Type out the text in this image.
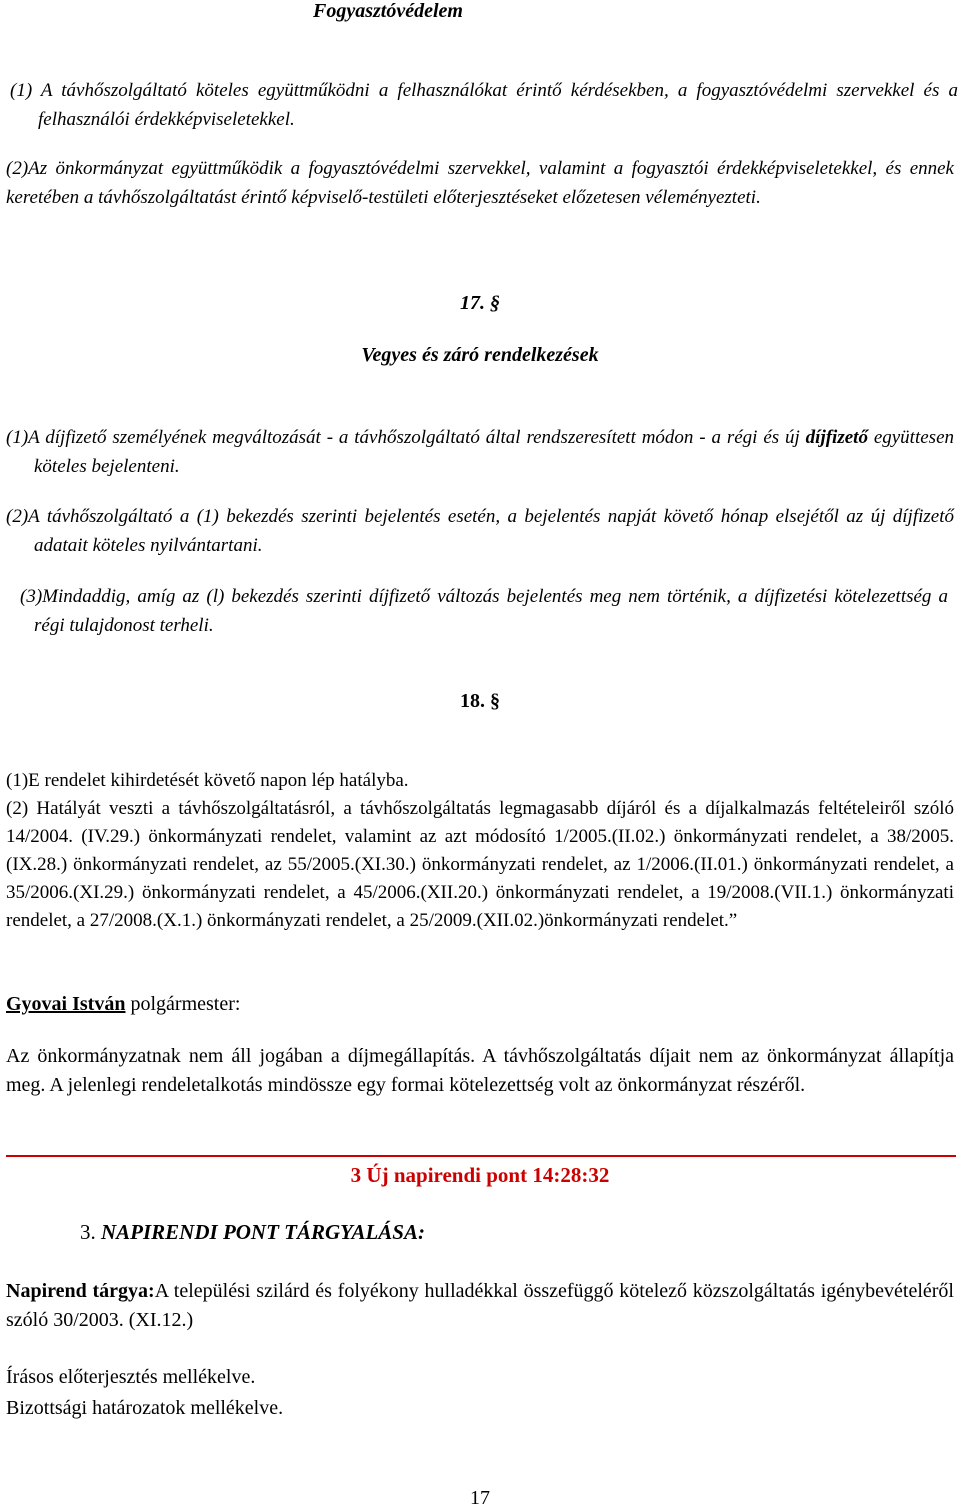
Fogyasztóvédelem

(1) A távhőszolgáltató köteles együttműködni a felhasználókat érintő kérdésekben, a fogyasztóvédelmi szervekkel és a felhasználói érdekképviseletekkel.

(2)Az önkormányzat együttműködik a fogyasztóvédelmi szervekkel, valamint a fogyasztói érdekképviseletekkel, és ennek keretében a távhőszolgáltatást érintő képviselő-testületi előterjesztéseket előzetesen véleményezteti.

17. §
Vegyes és záró rendelkezések

(1)A díjfizető személyének megváltozását - a távhőszolgáltató által rendszeresített módon - a régi és új díjfizető együttesen köteles bejelenteni.

(2)A távhőszolgáltató a (1) bekezdés szerinti bejelentés esetén, a bejelentés napját követő hónap elsejétől az új díjfizető adatait köteles nyilvántartani.

(3)Mindaddig, amíg az (l) bekezdés szerinti díjfizető változás bejelentés meg nem történik, a díjfizetési kötelezettség a régi tulajdonost terheli.

18. §

(1)E rendelet kihirdetését követő napon lép hatályba.

(2) Hatályát veszti a távhőszolgáltatásról, a távhőszolgáltatás legmagasabb díjáról és a díjalkalmazás feltételeiről szóló 14/2004. (IV.29.) önkormányzati rendelet, valamint az azt módosító 1/2005.(II.02.) önkormányzati rendelet, a 38/2005.(IX.28.) önkormányzati rendelet, az 55/2005.(XI.30.) önkormányzati rendelet, az 1/2006.(II.01.) önkormányzati rendelet, a 35/2006.(XI.29.) önkormányzati rendelet, a 45/2006.(XII.20.) önkormányzati rendelet, a 19/2008.(VII.1.) önkormányzati rendelet, a 27/2008.(X.1.) önkormányzati rendelet, a 25/2009.(XII.02.)önkormányzati rendelet.”

Gyovai István polgármester:

Az önkormányzatnak nem áll jogában a díjmegállapítás. A távhőszolgáltatás díjait nem az önkormányzat állapítja meg. A jelenlegi rendeletalkotás mindössze egy formai kötelezettség volt az önkormányzat részéről.

3 Új napirendi pont 14:28:32
3. NAPIRENDI PONT TÁRGYALÁSA:

Napirend tárgya:A települési szilárd és folyékony hulladékkal összefüggő kötelező közszolgáltatás igénybevételéről szóló 30/2003. (XI.12.)

Írásos előterjesztés mellékelve.
Bizottsági határozatok mellékelve.
17
